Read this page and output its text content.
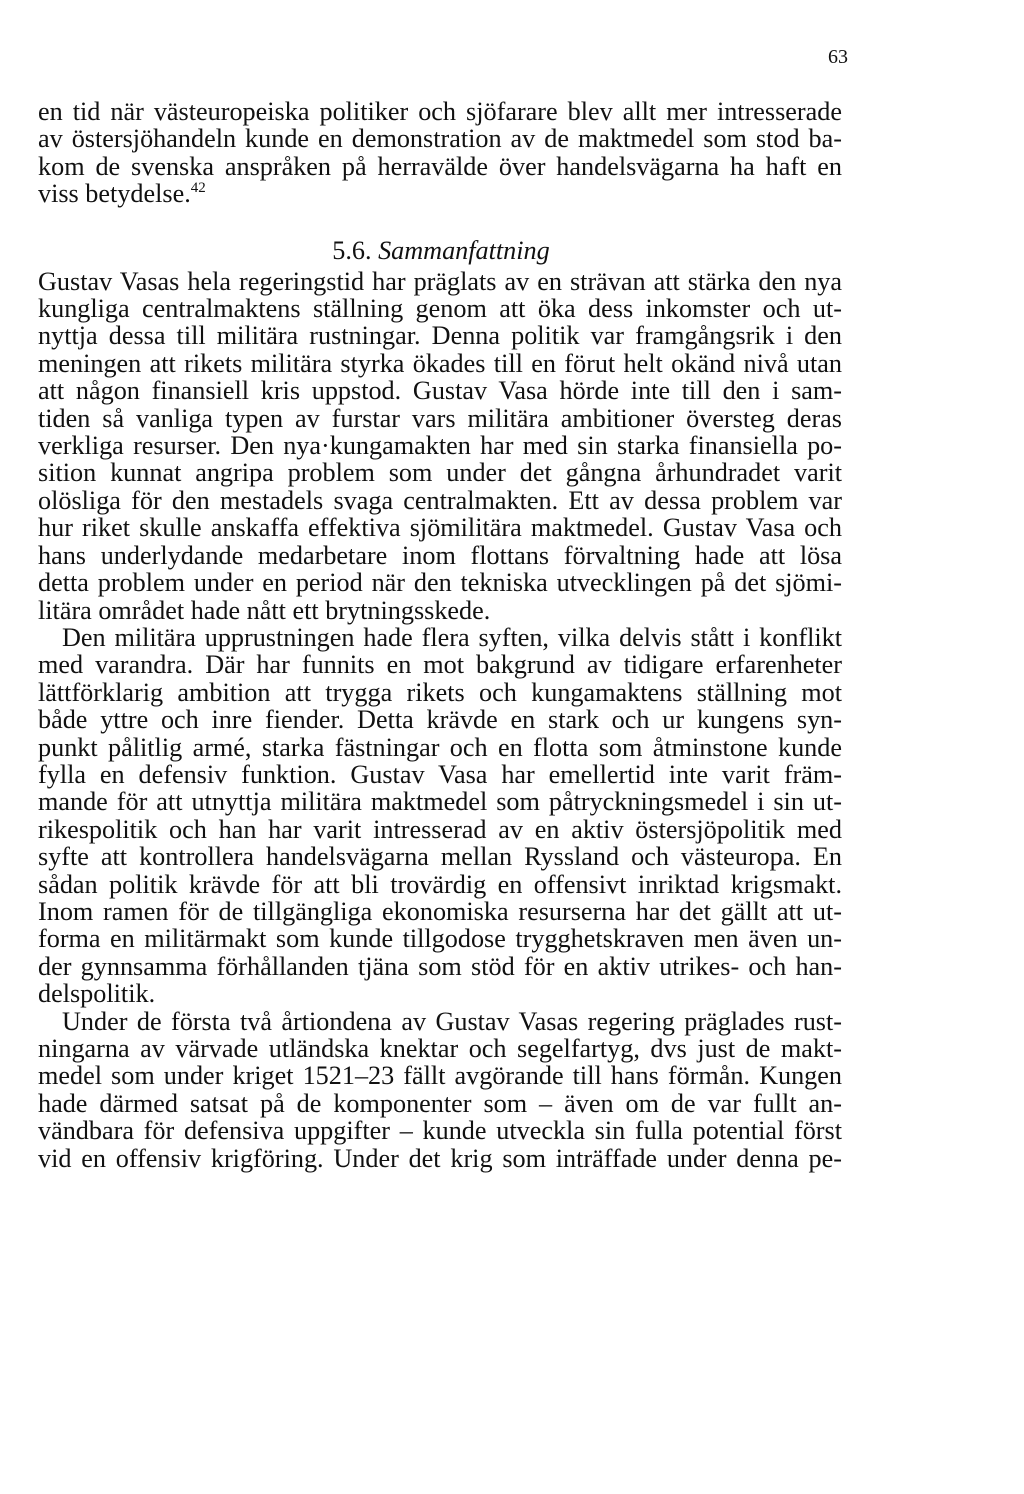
63
en tid när västeuropeiska politiker och sjöfarare blev allt mer intresserade
av östersjöhandeln kunde en demonstration av de maktmedel som stod ba-
kom de svenska anspråken på herravälde över handelsvägarna ha haft en
viss betydelse.$^{42}$
5.6. Sammanfattning
Gustav Vasas hela regeringstid har präglats av en strävan att stärka den nya
kungliga centralmaktens ställning genom att öka dess inkomster och ut-
nyttja dessa till militära rustningar. Denna politik var framgångsrik i den
meningen att rikets militära styrka ökades till en förut helt okänd nivå utan
att någon finansiell kris uppstod. Gustav Vasa hörde inte till den i sam-
tiden så vanliga typen av furstar vars militära ambitioner översteg deras
verkliga resurser. Den nya·kungamakten har med sin starka finansiella po-
sition kunnat angripa problem som under det gångna århundradet varit
olösliga för den mestadels svaga centralmakten. Ett av dessa problem var
hur riket skulle anskaffa effektiva sjömilitära maktmedel. Gustav Vasa och
hans underlydande medarbetare inom flottans förvaltning hade att lösa
detta problem under en period när den tekniska utvecklingen på det sjömi-
litära området hade nått ett brytningsskede.
Den militära upprustningen hade flera syften, vilka delvis stått i konflikt
med varandra. Där har funnits en mot bakgrund av tidigare erfarenheter
lättförklarig ambition att trygga rikets och kungamaktens ställning mot
både yttre och inre fiender. Detta krävde en stark och ur kungens syn-
punkt pålitlig armé, starka fästningar och en flotta som åtminstone kunde
fylla en defensiv funktion. Gustav Vasa har emellertid inte varit främ-
mande för att utnyttja militära maktmedel som påtryckningsmedel i sin ut-
rikespolitik och han har varit intresserad av en aktiv östersjöpolitik med
syfte att kontrollera handelsvägarna mellan Ryssland och västeuropa. En
sådan politik krävde för att bli trovärdig en offensivt inriktad krigsmakt.
Inom ramen för de tillgängliga ekonomiska resurserna har det gällt att ut-
forma en militärmakt som kunde tillgodose trygghetskraven men även un-
der gynnsamma förhållanden tjäna som stöd för en aktiv utrikes- och han-
delspolitik.
Under de första två årtiondena av Gustav Vasas regering präglades rust-
ningarna av värvade utländska knektar och segelfartyg, dvs just de makt-
medel som under kriget 1521–23 fällt avgörande till hans förmån. Kungen
hade därmed satsat på de komponenter som – även om de var fullt an-
vändbara för defensiva uppgifter – kunde utveckla sin fulla potential först
vid en offensiv krigföring. Under det krig som inträffade under denna pe-
